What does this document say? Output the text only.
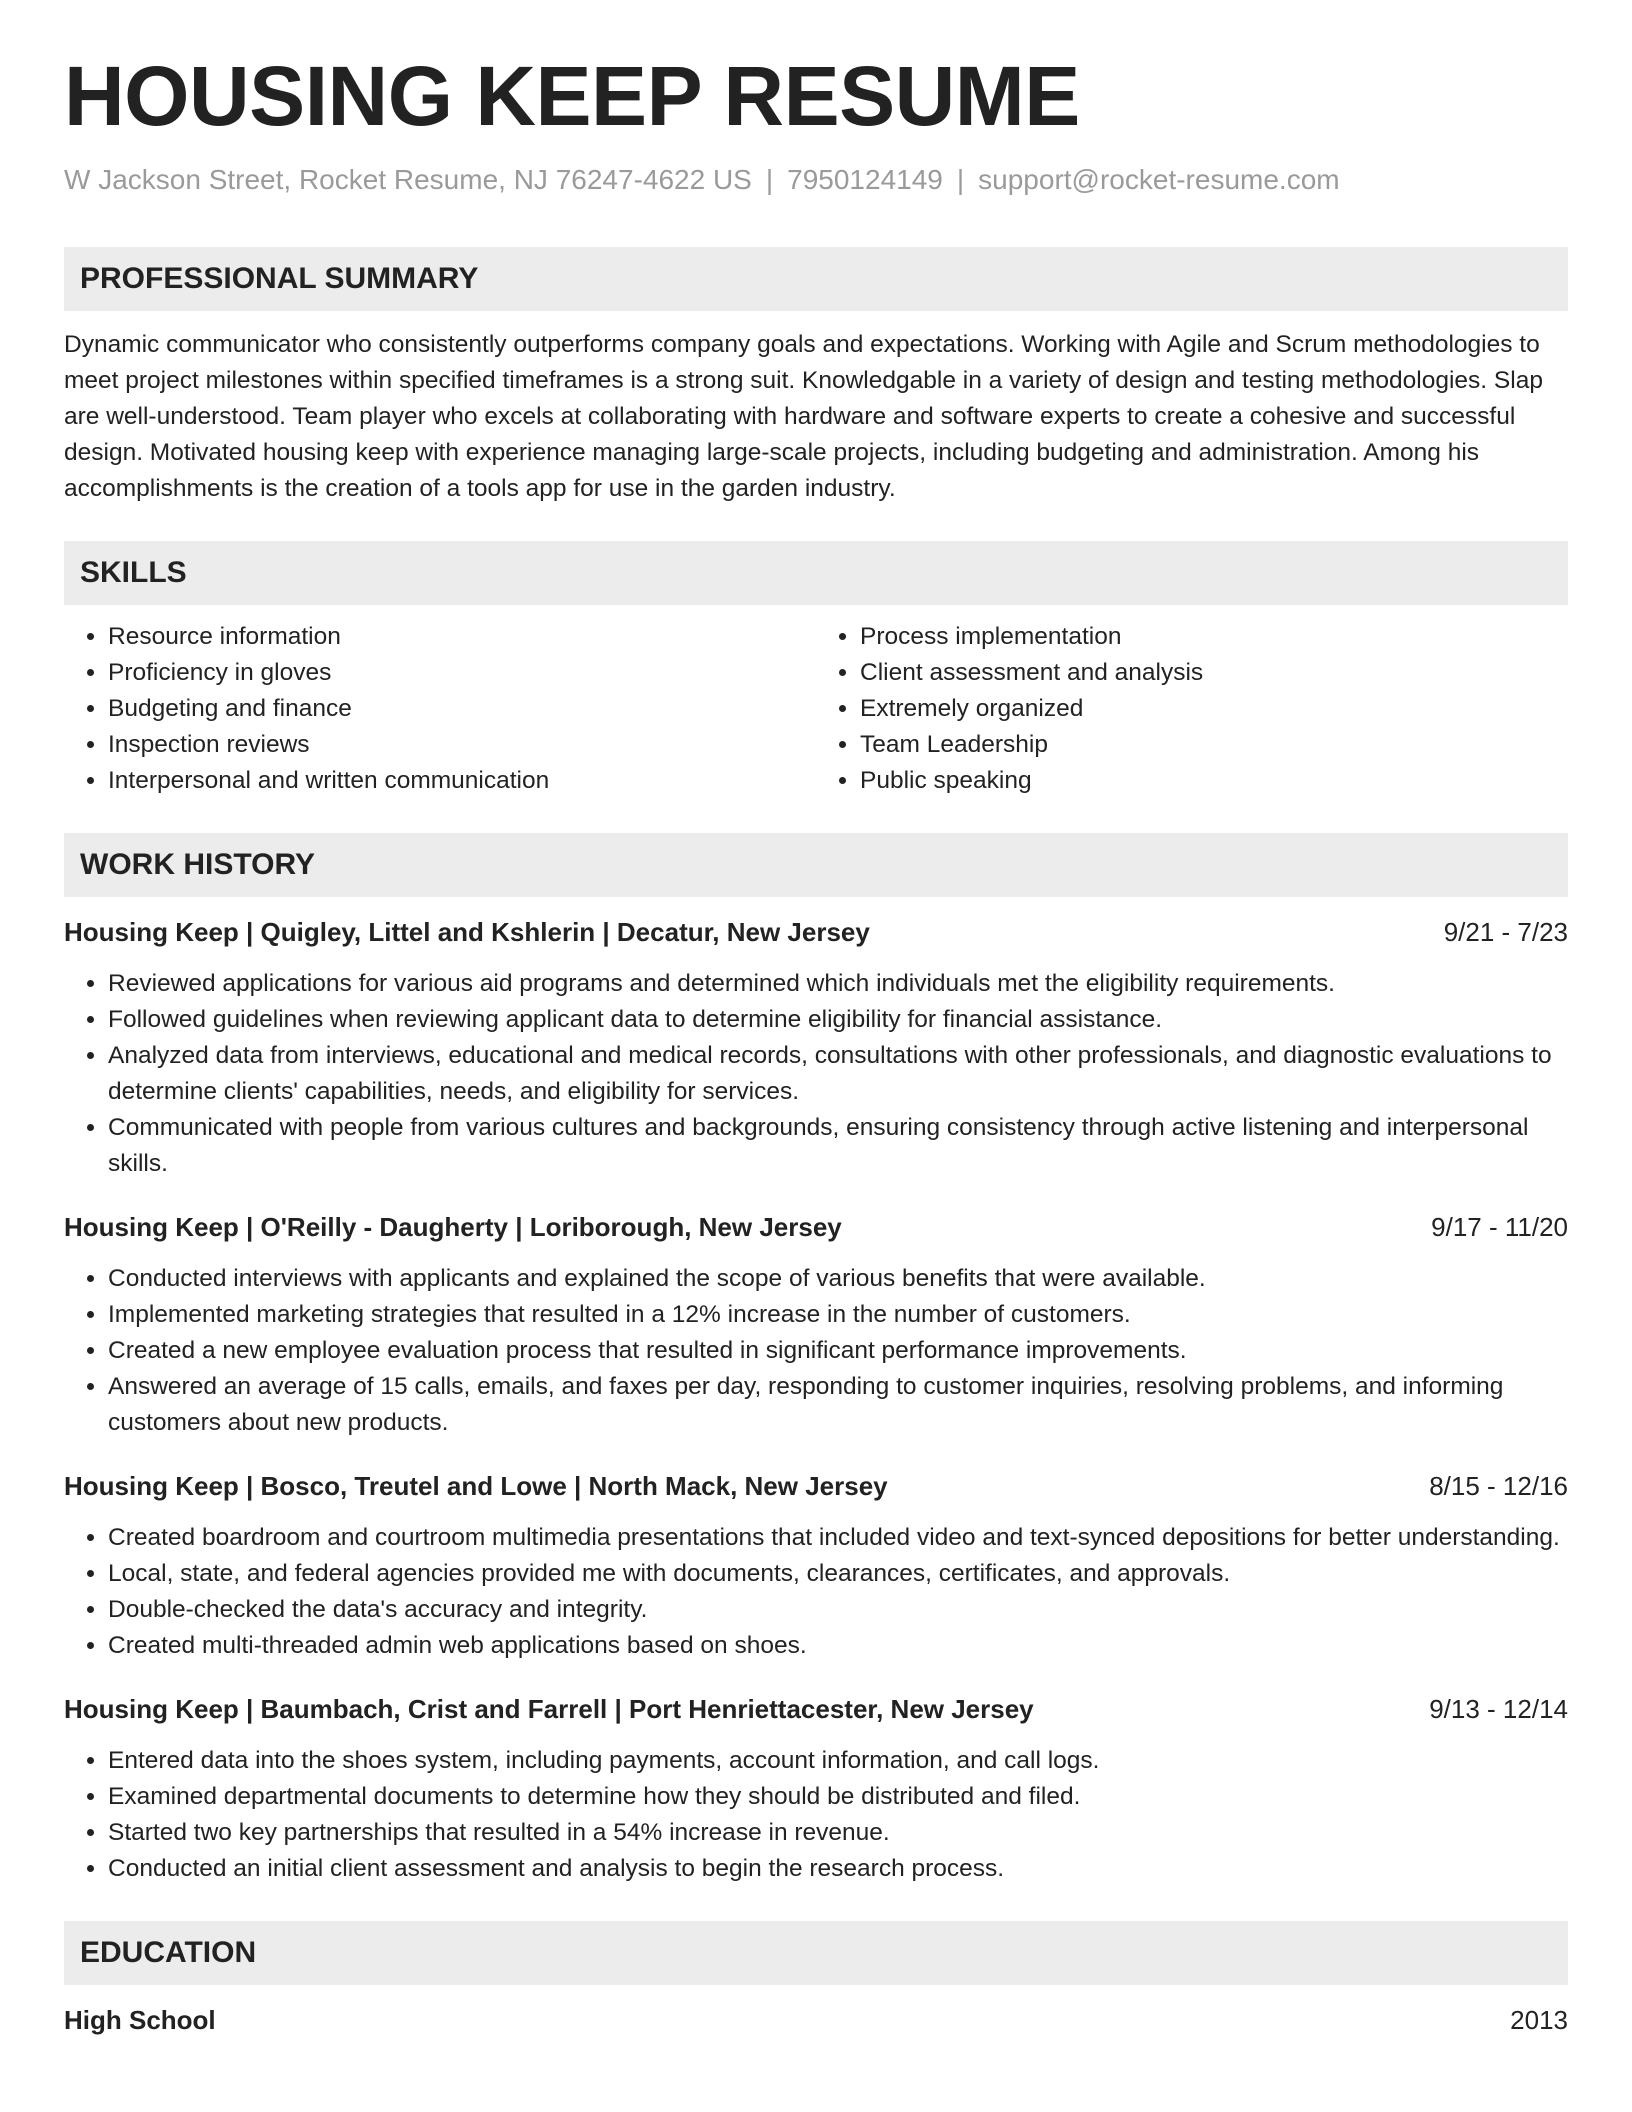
HOUSING KEEP RESUME
W Jackson Street, Rocket Resume, NJ 76247-4622 US | 7950124149 | support@rocket-resume.com
PROFESSIONAL SUMMARY
Dynamic communicator who consistently outperforms company goals and expectations. Working with Agile and Scrum methodologies to meet project milestones within specified timeframes is a strong suit. Knowledgable in a variety of design and testing methodologies. Slap are well-understood. Team player who excels at collaborating with hardware and software experts to create a cohesive and successful design. Motivated housing keep with experience managing large-scale projects, including budgeting and administration. Among his accomplishments is the creation of a tools app for use in the garden industry.
SKILLS
• Resource information
• Proficiency in gloves
• Budgeting and finance
• Inspection reviews
• Interpersonal and written communication
• Process implementation
• Client assessment and analysis
• Extremely organized
• Team Leadership
• Public speaking
WORK HISTORY
Housing Keep | Quigley, Littel and Kshlerin | Decatur, New Jersey	9/21 - 7/23
• Reviewed applications for various aid programs and determined which individuals met the eligibility requirements.
• Followed guidelines when reviewing applicant data to determine eligibility for financial assistance.
• Analyzed data from interviews, educational and medical records, consultations with other professionals, and diagnostic evaluations to determine clients' capabilities, needs, and eligibility for services.
• Communicated with people from various cultures and backgrounds, ensuring consistency through active listening and interpersonal skills.
Housing Keep | O'Reilly - Daugherty | Loriborough, New Jersey	9/17 - 11/20
• Conducted interviews with applicants and explained the scope of various benefits that were available.
• Implemented marketing strategies that resulted in a 12% increase in the number of customers.
• Created a new employee evaluation process that resulted in significant performance improvements.
• Answered an average of 15 calls, emails, and faxes per day, responding to customer inquiries, resolving problems, and informing customers about new products.
Housing Keep | Bosco, Treutel and Lowe | North Mack, New Jersey	8/15 - 12/16
• Created boardroom and courtroom multimedia presentations that included video and text-synced depositions for better understanding.
• Local, state, and federal agencies provided me with documents, clearances, certificates, and approvals.
• Double-checked the data's accuracy and integrity.
• Created multi-threaded admin web applications based on shoes.
Housing Keep | Baumbach, Crist and Farrell | Port Henriettacester, New Jersey	9/13 - 12/14
• Entered data into the shoes system, including payments, account information, and call logs.
• Examined departmental documents to determine how they should be distributed and filed.
• Started two key partnerships that resulted in a 54% increase in revenue.
• Conducted an initial client assessment and analysis to begin the research process.
EDUCATION
High School	2013
